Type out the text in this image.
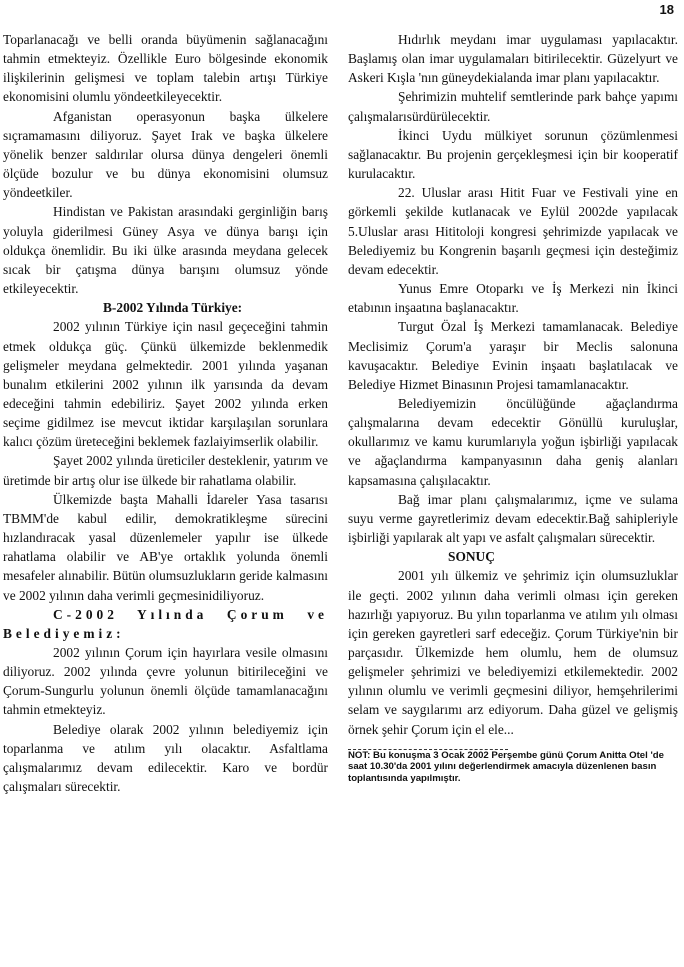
18

Toparlanacağı ve belli oranda büyümenin sağlanacağını tahmin etmekteyiz. Özellikle Euro bölgesinde ekonomik ilişkilerinin gelişmesi ve toplam talebin artışı Türkiye ekonomisini olumlu yöndeetkileyecektir.

Afganistan operasyonun başka ülkelere sıçramamasını diliyoruz. Şayet Irak ve başka ülkelere yönelik benzer saldırılar olursa dünya dengeleri önemli ölçüde bozulur ve bu dünya ekonomisini olumsuz yöndeetkiler.

Hindistan ve Pakistan arasındaki gerginliğin barış yoluyla giderilmesi Güney Asya ve dünya barışı için oldukça önemlidir. Bu iki ülke arasında meydana gelecek sıcak bir çatışma dünya barışını olumsuz yönde etkileyecektir.

B-2002 Yılında Türkiye:

2002 yılının Türkiye için nasıl geçeceğini tahmin etmek oldukça güç. Çünkü ülkemizde beklenmedik gelişmeler meydana gelmektedir. 2001 yılında yaşanan bunalım etkilerini 2002 yılının ilk yarısında da devam edeceğini tahmin edebiliriz. Şayet 2002 yılında erken seçime gidilmez ise mevcut iktidar karşılaşılan sorunlara kalıcı çözüm üreteceğini beklemek fazlaiyimserlik olabilir.

Şayet 2002 yılında üreticiler desteklenir, yatırım ve üretimde bir artış olur ise ülkede bir rahatlama olabilir.

Ülkemizde başta Mahalli İdareler Yasa tasarısı TBMM'de kabul edilir, demokratikleşme sürecini hızlandıracak yasal düzenlemeler yapılır ise ülkede rahatlama olabilir ve AB'ye ortaklık yolunda önemli mesafeler alınabilir. Bütün olumsuzlukların geride kalmasını ve 2002 yılının daha verimli geçmesinidiliyoruz.

C-2002 Yılında Çorum ve Belediyemiz:

2002 yılının Çorum için hayırlara vesile olmasını diliyoruz. 2002 yılında çevre yolunun bitirileceğini ve Çorum-Sungurlu yolunun önemli ölçüde tamamlanacağını tahmin etmekteyiz.

Belediye olarak 2002 yılının belediyemiz için toparlanma ve atılım yılı olacaktır. Asfaltlama çalışmalarımız devam edilecektir. Karo ve bordür çalışmaları sürecektir.

Hıdırlık meydanı imar uygulaması yapılacaktır. Başlamış olan imar uygulamaları bitirilecektir. Güzelyurt ve Askeri Kışla 'nın güneydekialanda imar planı yapılacaktır.

Şehrimizin muhtelif semtlerinde park bahçe yapımı çalışmalarısürdürülecektir.

İkinci Uydu mülkiyet sorunun çözümlenmesi sağlanacaktır. Bu projenin gerçekleşmesi için bir kooperatif kurulacaktır.

22. Uluslar arası Hitit Fuar ve Festivali yine en görkemli şekilde kutlanacak ve Eylül 2002de yapılacak 5.Uluslar arası Hititoloji kongresi şehrimizde yapılacak ve Belediyemiz bu Kongrenin başarılı geçmesi için desteğimiz devam edecektir.

Yunus Emre Otoparkı ve İş Merkezi nin İkinci etabının inşaatına başlanacaktır.

Turgut Özal İş Merkezi tamamlanacak. Belediye Meclisimiz Çorum'a yaraşır bir Meclis salonuna kavuşacaktır. Belediye Evinin inşaatı başlatılacak ve Belediye Hizmet Binasının Projesi tamamlanacaktır.

Belediyemizin öncülüğünde ağaçlandırma çalışmalarına devam edecektir Gönüllü kuruluşlar, okullarımız ve kamu kurumlarıyla yoğun işbirliği yapılacak ve ağaçlandırma kampanyasının daha geniş alanları kapsamasına çalışılacaktır.

Bağ imar planı çalışmalarımız, içme ve sulama suyu verme gayretlerimiz devam edecektir.Bağ sahipleriyle işbirliği yapılarak alt yapı ve asfalt çalışmaları sürecektir.

SONUÇ

2001 yılı ülkemiz ve şehrimiz için olumsuzluklar ile geçti. 2002 yılının daha verimli olması için gereken hazırlığı yapıyoruz. Bu yılın toparlanma ve atılım yılı olması için gereken gayretleri sarf edeceğiz. Çorum Türkiye'nin bir parçasıdır. Ülkemizde hem olumlu, hem de olumsuz gelişmeler şehrimizi ve belediyemizi etkilemektedir. 2002 yılının olumlu ve verimli geçmesini diliyor, hemşehrilerimi selam ve saygılarımı arz ediyorum. Daha güzel ve gelişmiş örnek şehir Çorum için el ele...

NOT: Bu konuşma 3 Ocak 2002 Perşembe günü Çorum Anitta Otel 'de saat 10.30'da 2001 yılını değerlendirmek amacıyla düzenlenen basın toplantısında yapılmıştır.
